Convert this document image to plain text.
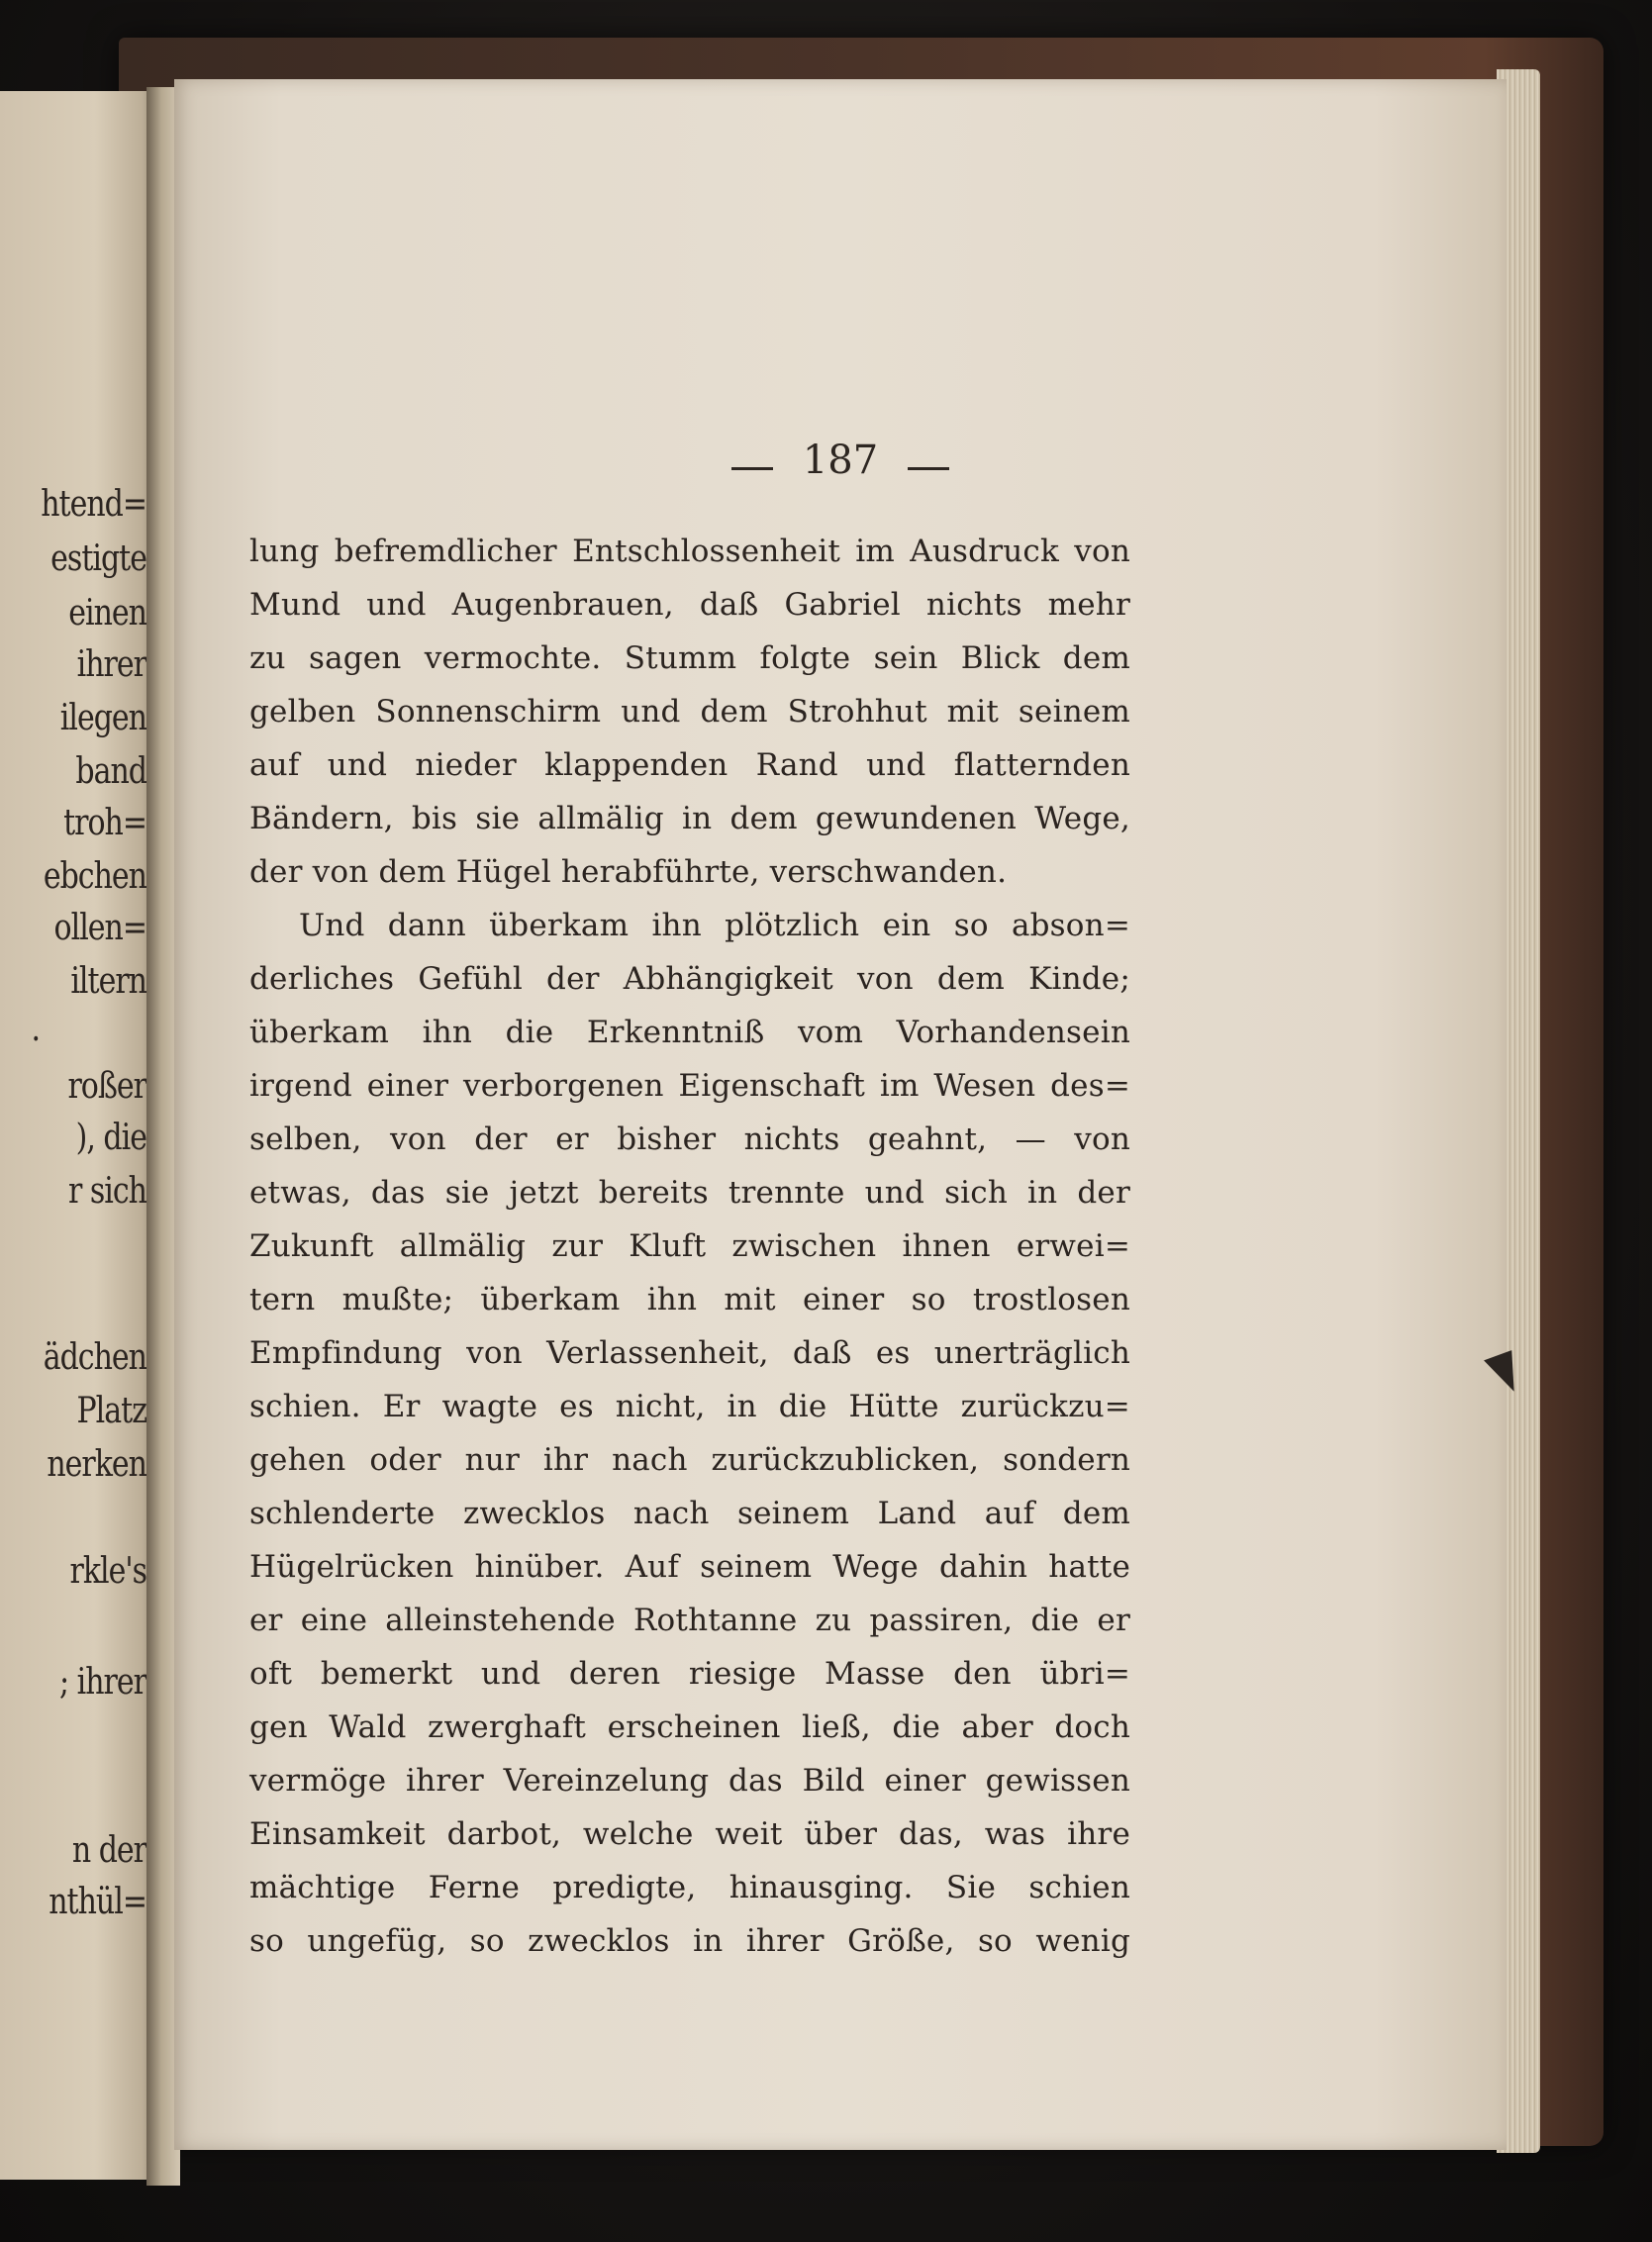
htend=
estigte
einen
ihrer
ilegen
band
troh=
ebchen
ollen=
iltern
.
roßer
), die
r sich
ädchen
Platz
nerken
rkle's
; ihrer
n der
nthül=
187
lung befremdlicher Entschlossenheit im Ausdruck von
Mund und Augenbrauen, daß Gabriel nichts mehr
zu sagen vermochte. Stumm folgte sein Blick dem
gelben Sonnenschirm und dem Strohhut mit seinem
auf und nieder klappenden Rand und flatternden
Bändern, bis sie allmälig in dem gewundenen Wege,
der von dem Hügel herabführte, verschwanden.
Und dann überkam ihn plötzlich ein so abson=
derliches Gefühl der Abhängigkeit von dem Kinde;
überkam ihn die Erkenntniß vom Vorhandensein
irgend einer verborgenen Eigenschaft im Wesen des=
selben, von der er bisher nichts geahnt, — von
etwas, das sie jetzt bereits trennte und sich in der
Zukunft allmälig zur Kluft zwischen ihnen erwei=
tern mußte; überkam ihn mit einer so trostlosen
Empfindung von Verlassenheit, daß es unerträglich
schien. Er wagte es nicht, in die Hütte zurückzu=
gehen oder nur ihr nach zurückzublicken, sondern
schlenderte zwecklos nach seinem Land auf dem
Hügelrücken hinüber. Auf seinem Wege dahin hatte
er eine alleinstehende Rothtanne zu passiren, die er
oft bemerkt und deren riesige Masse den übri=
gen Wald zwerghaft erscheinen ließ, die aber doch
vermöge ihrer Vereinzelung das Bild einer gewissen
Einsamkeit darbot, welche weit über das, was ihre
mächtige Ferne predigte, hinausging. Sie schien
so ungefüg, so zwecklos in ihrer Größe, so wenig
